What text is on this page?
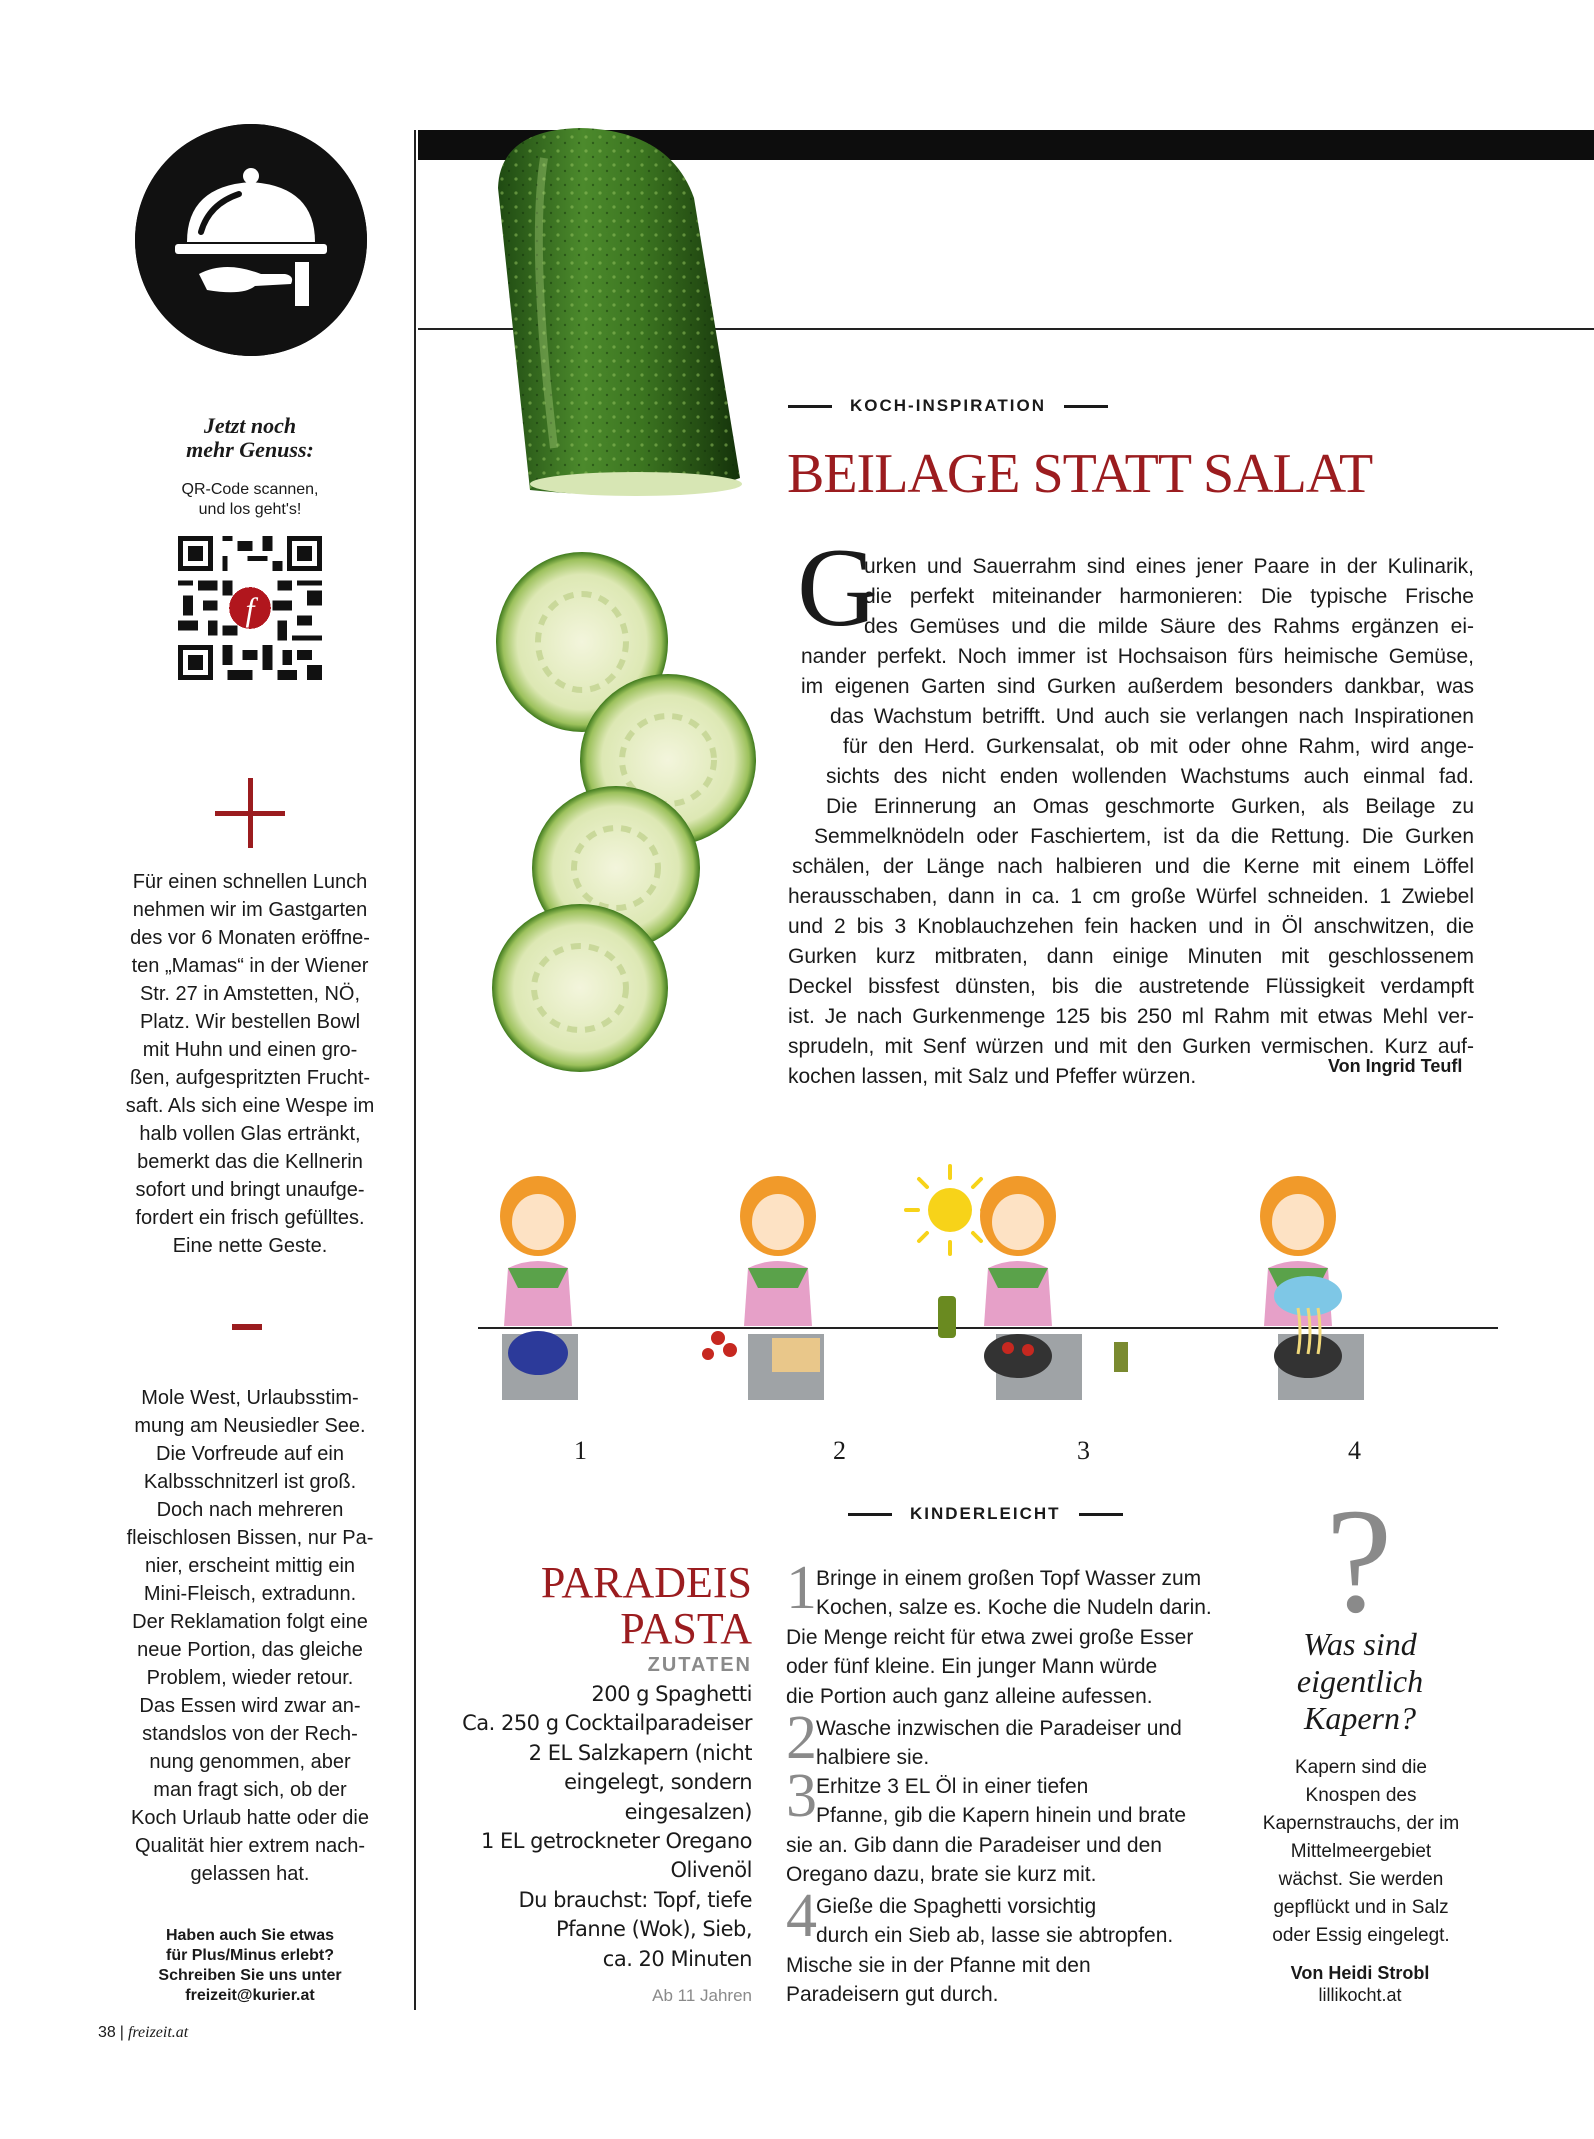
Jetzt noch
mehr Genuss:
QR-Code scannen,
und los geht's!
f
Für einen schnellen Lunch
nehmen wir im Gastgarten
des vor 6 Monaten eröffne-
ten „Mamas“ in der Wiener
Str. 27 in Amstetten, NÖ,
Platz. Wir bestellen Bowl
mit Huhn und einen gro-
ßen, aufgespritzten Frucht-
saft. Als sich eine Wespe im
halb vollen Glas ertränkt,
bemerkt das die Kellnerin
sofort und bringt unaufge-
fordert ein frisch gefülltes.
Eine nette Geste.
Mole West, Urlaubsstim-
mung am Neusiedler See.
Die Vorfreude auf ein
Kalbsschnitzerl ist groß.
Doch nach mehreren
fleischlosen Bissen, nur Pa-
nier, erscheint mittig ein
Mini-Fleisch, extradunn.
Der Reklamation folgt eine
neue Portion, das gleiche
Problem, wieder retour.
Das Essen wird zwar an-
standslos von der Rech-
nung genommen, aber
man fragt sich, ob der
Koch Urlaub hatte oder die
Qualität hier extrem nach-
gelassen hat.
Haben auch Sie etwas
für Plus/Minus erlebt?
Schreiben Sie uns unter
freizeit@kurier.at
38 | freizeit.at
KOCH-INSPIRATION
BEILAGE STATT SALAT
G
urken und Sauerrahm sind eines jener Paare in der Kulinarik,
die perfekt miteinander harmonieren: Die typische Frische
des Gemüses und die milde Säure des Rahms ergänzen ei-
nander perfekt. Noch immer ist Hochsaison fürs heimische Gemüse,
im eigenen Garten sind Gurken außerdem besonders dankbar, was
das Wachstum betrifft. Und auch sie verlangen nach Inspirationen
für den Herd. Gurkensalat, ob mit oder ohne Rahm, wird ange-
sichts des nicht enden wollenden Wachstums auch einmal fad.
Die Erinnerung an Omas geschmorte Gurken, als Beilage zu
Semmelknödeln oder Faschiertem, ist da die Rettung. Die Gurken
schälen, der Länge nach halbieren und die Kerne mit einem Löffel
herausschaben, dann in ca. 1 cm große Würfel schneiden. 1 Zwiebel
und 2 bis 3 Knoblauchzehen fein hacken und in Öl anschwitzen, die
Gurken kurz mitbraten, dann einige Minuten mit geschlossenem
Deckel bissfest dünsten, bis die austretende Flüssigkeit verdampft
ist. Je nach Gurkenmenge 125 bis 250 ml Rahm mit etwas Mehl ver-
sprudeln, mit Senf würzen und mit den Gurken vermischen. Kurz auf-
kochen lassen, mit Salz und Pfeffer würzen.	Von Ingrid Teufl
1	2	3	4
KINDERLEICHT
PARADEIS
PASTA
ZUTATEN
200 g Spaghetti
Ca. 250 g Cocktailparadeiser
2 EL Salzkapern (nicht
eingelegt, sondern
eingesalzen)
1 EL getrockneter Oregano
Olivenöl
Du brauchst: Topf, tiefe
Pfanne (Wok), Sieb,
ca. 20 Minuten
Ab 11 Jahren
1 Bringe in einem großen Topf Wasser zum
Kochen, salze es. Koche die Nudeln darin.
Die Menge reicht für etwa zwei große Esser
oder fünf kleine. Ein junger Mann würde
die Portion auch ganz alleine aufessen.
2 Wasche inzwischen die Paradeiser und
halbiere sie.
3 Erhitze 3 EL Öl in einer tiefen
Pfanne, gib die Kapern hinein und brate
sie an. Gib dann die Paradeiser und den
Oregano dazu, brate sie kurz mit.
4 Gieße die Spaghetti vorsichtig
durch ein Sieb ab, lasse sie abtropfen.
Mische sie in der Pfanne mit den
Paradeisern gut durch.
?
Was sind
eigentlich
Kapern?
Kapern sind die
Knospen des
Kapernstrauchs, der im
Mittelmeergebiet
wächst. Sie werden
gepflückt und in Salz
oder Essig eingelegt.
Von Heidi Strobl
lillikocht.at
